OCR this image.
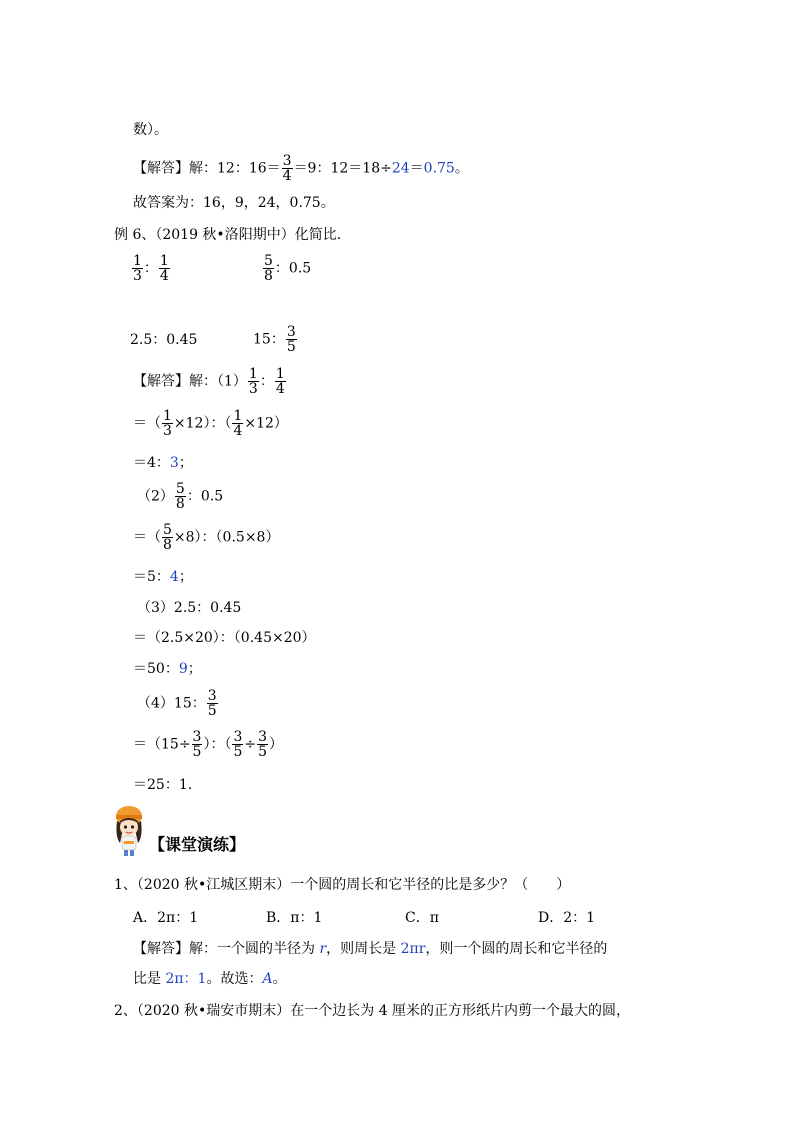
数）。
【解答】解：12：$16= \frac{3}{4} =9$：12＝18÷24＝0.75。
故答案为：16，9，24，0.75。
例 6、（2019 秋•洛阳期中）化简比.
$\frac{1}{3}$ ： $\frac{1}{4}$	$\frac{5}{8}$ ：0.5
2.5：0.45	15： $\frac{3}{5}$
【解答】解：$(1) \frac{1}{3}$ ： $\frac{1}{4}$
＝（ $\frac{1}{3} \times 12$）：（ $\frac{1}{4} \times 12$）
＝4：3；
$(2) \frac{5}{8}$ ：0.5
＝（ $\frac{5}{8} \times 8$）：（0.5×8）
＝5：4；
（3）2.5：0.45
＝（2.5×20）：（0.45×20）
＝50：9；
（4）15： $\frac{3}{5}$
$=(15\div \frac{3}{5}$ ）：（ $\frac{3}{5} \div \frac{3}{5}$ ）
＝25：1.
【课堂演练】
1、（2020 秋•江城区期末）一个圆的周长和它半径的比是多少？（　　）
A．2π：1	B．π：1	C．π	D．2：1
【解答】解：一个圆的半径为 r，则周长是 2πr，则一个圆的周长和它半径的
比是 2π：1。故选：A。
2、（2020 秋•瑞安市期末）在一个边长为 4 厘米的正方形纸片内剪一个最大的圆，
